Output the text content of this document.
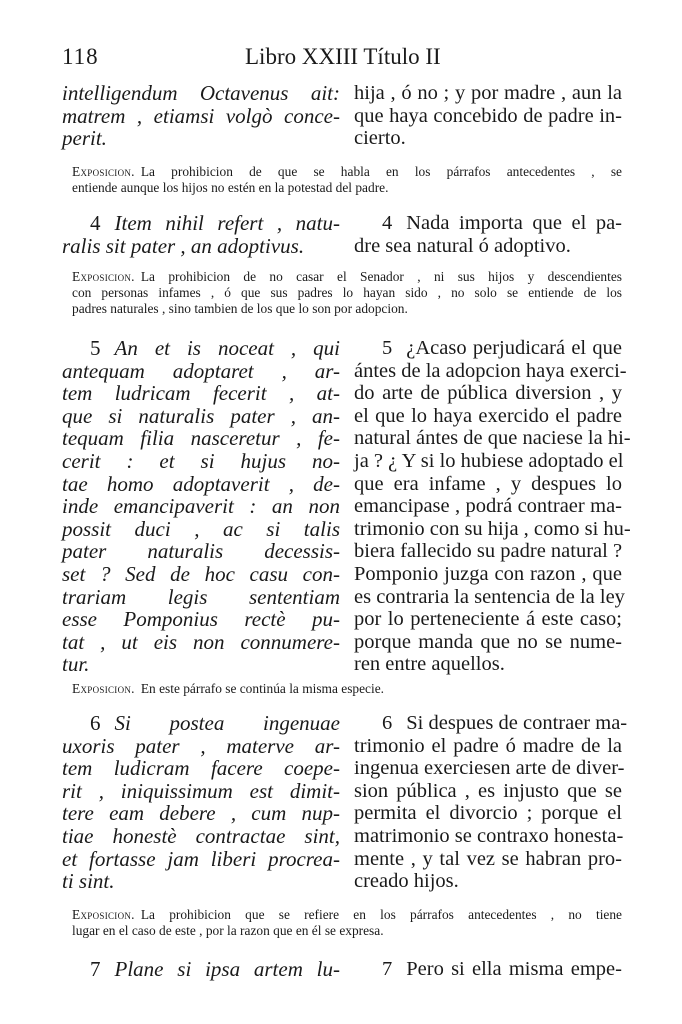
118	Libro XXIII Título II
intelligendum Octavenus ait:
matrem , etiamsi volgò conce-
perit.
hija , ó no ; y por madre , aun la
que haya concebido de padre in-
cierto.
Exposicion. La prohibicion de que se habla en los párrafos antecedentes , se
entiende aunque los hijos no estén en la potestad del padre.
4 Item nihil refert , natu-
ralis sit pater , an adoptivus.
4 Nada importa que el pa-
dre sea natural ó adoptivo.
Exposicion. La prohibicion de no casar el Senador , ni sus hijos y descendientes
con personas infames , ó que sus padres lo hayan sido , no solo se entiende de los
padres naturales , sino tambien de los que lo son por adopcion.
5 An et is noceat , qui
antequam adoptaret , ar-
tem ludricam fecerit , at-
que si naturalis pater , an-
tequam filia nasceretur , fe-
cerit : et si hujus no-
tae homo adoptaverit , de-
inde emancipaverit : an non
possit duci , ac si talis
pater naturalis decessis-
set ? Sed de hoc casu con-
trariam legis sententiam
esse Pomponius rectè pu-
tat , ut eis non connumere-
tur.
5 ¿Acaso perjudicará el que
ántes de la adopcion haya exerci-
do arte de pública diversion , y
el que lo haya exercido el padre
natural ántes de que naciese la hi-
ja ? ¿ Y si lo hubiese adoptado el
que era infame , y despues lo
emancipase , podrá contraer ma-
trimonio con su hija , como si hu-
biera fallecido su padre natural ?
Pomponio juzga con razon , que
es contraria la sentencia de la ley
por lo perteneciente á este caso;
porque manda que no se nume-
ren entre aquellos.
Exposicion. En este párrafo se continúa la misma especie.
6 Si postea ingenuae
uxoris pater , materve ar-
tem ludicram facere coepe-
rit , iniquissimum est dimit-
tere eam debere , cum nup-
tiae honestè contractae sint,
et fortasse jam liberi procrea-
ti sint.
6 Si despues de contraer ma-
trimonio el padre ó madre de la
ingenua exerciesen arte de diver-
sion pública , es injusto que se
permita el divorcio ; porque el
matrimonio se contraxo honesta-
mente , y tal vez se habran pro-
creado hijos.
Exposicion. La prohibicion que se refiere en los párrafos antecedentes , no tiene
lugar en el caso de este , por la razon que en él se expresa.
7 Plane si ipsa artem lu-	7 Pero si ella misma empe-
